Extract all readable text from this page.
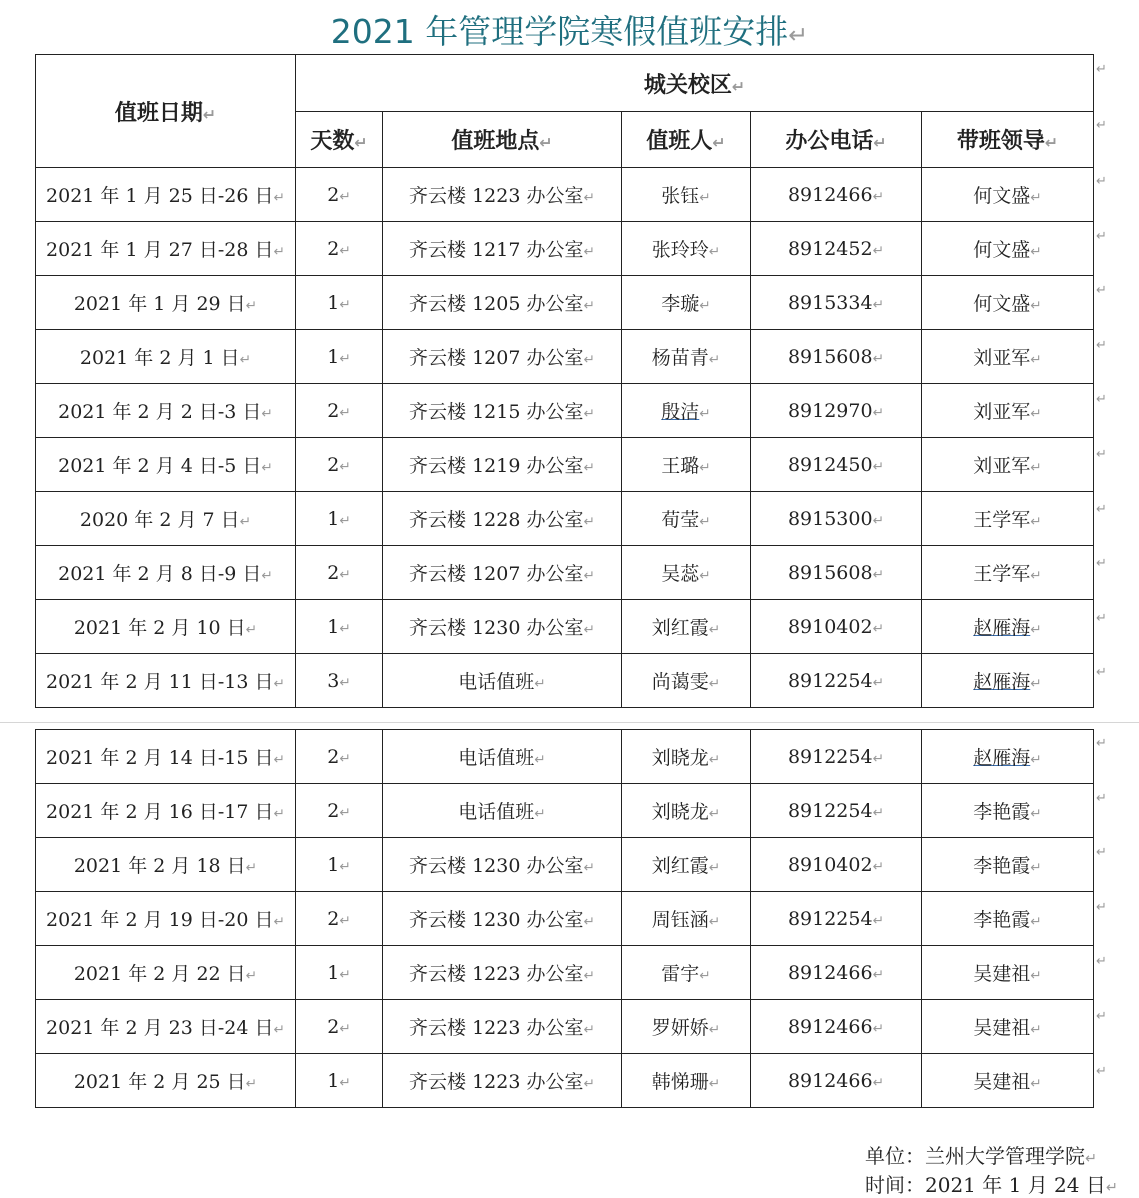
2021 年管理学院寒假值班安排↵
值班日期↵	城关校区↵				
	天数↵	值班地点↵	值班人↵	办公电话↵	带班领导↵
2021 年 1 月 25 日-26 日↵	2↵	齐云楼 1223 办公室↵	张钰↵	8912466↵	何文盛↵
2021 年 1 月 27 日-28 日↵	2↵	齐云楼 1217 办公室↵	张玲玲↵	8912452↵	何文盛↵
2021 年 1 月 29 日↵	1↵	齐云楼 1205 办公室↵	李璇↵	8915334↵	何文盛↵
2021 年 2 月 1 日↵	1↵	齐云楼 1207 办公室↵	杨苗青↵	8915608↵	刘亚军↵
2021 年 2 月 2 日-3 日↵	2↵	齐云楼 1215 办公室↵	殷洁↵	8912970↵	刘亚军↵
2021 年 2 月 4 日-5 日↵	2↵	齐云楼 1219 办公室↵	王璐↵	8912450↵	刘亚军↵
2020 年 2 月 7 日↵	1↵	齐云楼 1228 办公室↵	荀莹↵	8915300↵	王学军↵
2021 年 2 月 8 日-9 日↵	2↵	齐云楼 1207 办公室↵	吴蕊↵	8915608↵	王学军↵
2021 年 2 月 10 日↵	1↵	齐云楼 1230 办公室↵	刘红霞↵	8910402↵	赵雁海↵
2021 年 2 月 11 日-13 日↵	3↵	电话值班↵	尚蔼雯↵	8912254↵	赵雁海↵
2021 年 2 月 14 日-15 日↵	2↵	电话值班↵	刘晓龙↵	8912254↵	赵雁海↵
2021 年 2 月 16 日-17 日↵	2↵	电话值班↵	刘晓龙↵	8912254↵	李艳霞↵
2021 年 2 月 18 日↵	1↵	齐云楼 1230 办公室↵	刘红霞↵	8910402↵	李艳霞↵
2021 年 2 月 19 日-20 日↵	2↵	齐云楼 1230 办公室↵	周钰涵↵	8912254↵	李艳霞↵
2021 年 2 月 22 日↵	1↵	齐云楼 1223 办公室↵	雷宇↵	8912466↵	吴建祖↵
2021 年 2 月 23 日-24 日↵	2↵	齐云楼 1223 办公室↵	罗妍娇↵	8912466↵	吴建祖↵
2021 年 2 月 25 日↵	1↵	齐云楼 1223 办公室↵	韩悌珊↵	8912466↵	吴建祖↵
↵
↵
↵
↵
↵
↵
↵
↵
↵
↵
↵
↵
↵
↵
↵
↵
↵
↵
↵
单位：兰州大学管理学院↵
时间：2021 年 1 月 24 日↵
